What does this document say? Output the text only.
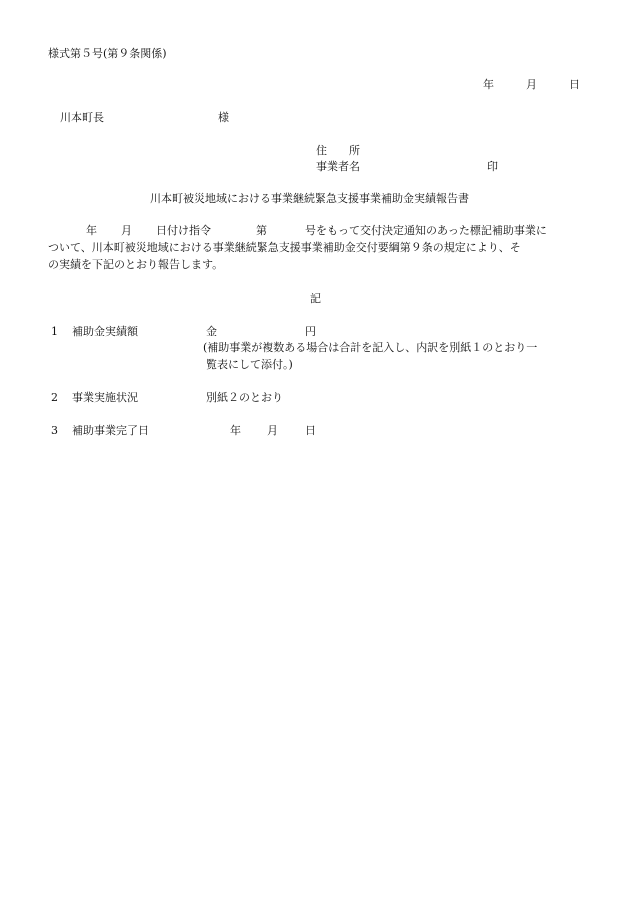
様式第５号(第９条関係)
年	月	日
川本町長	様
住　　所
事業者名	印
川本町被災地域における事業継続緊急支援事業補助金実績報告書
年 月 日付け指令	第	号をもって交付決定通知のあった標記補助事業に
ついて、川本町被災地域における事業継続緊急支援事業補助金交付要綱第９条の規定により、そ
の実績を下記のとおり報告します。
記
1 補助金実績額	金	円
(補助事業が複数ある場合は合計を記入し、内訳を別紙１のとおり一
覧表にして添付。)
2 事業実施状況	別紙２のとおり
3 補助事業完了日	年 月 日
